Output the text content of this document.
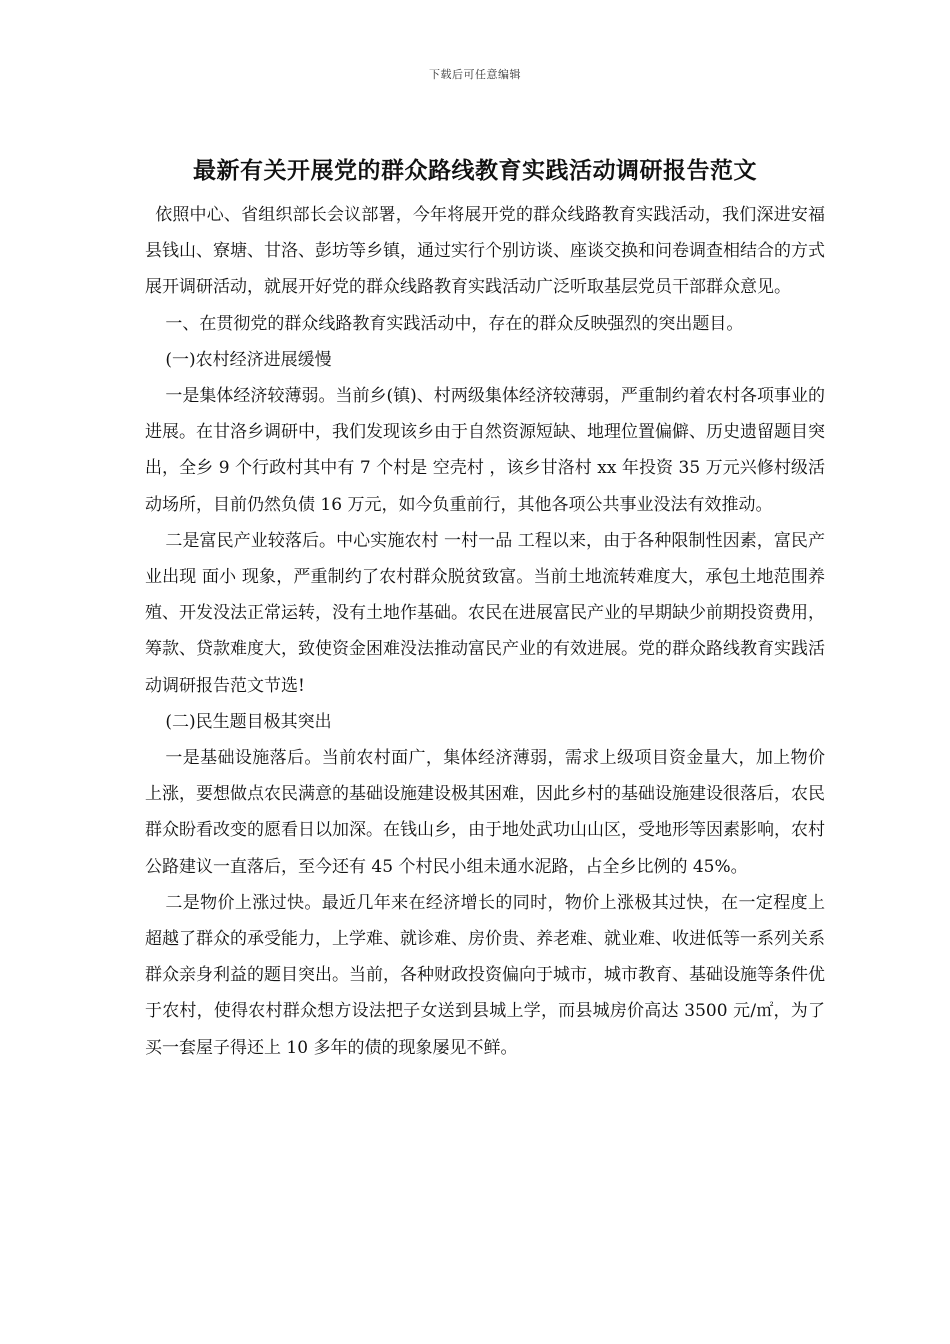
下载后可任意编辑
最新有关开展党的群众路线教育实践活动调研报告范文

依照中心、省组织部长会议部署，今年将展开党的群众线路教育实践活动，我们深进安福县钱山、寮塘、甘洛、彭坊等乡镇，通过实行个别访谈、座谈交换和问卷调查相结合的方式展开调研活动，就展开好党的群众线路教育实践活动广泛听取基层党员干部群众意见。

一、在贯彻党的群众线路教育实践活动中，存在的群众反映强烈的突出题目。

(一)农村经济进展缓慢

一是集体经济较薄弱。当前乡(镇)、村两级集体经济较薄弱，严重制约着农村各项事业的进展。在甘洛乡调研中，我们发现该乡由于自然资源短缺、地理位置偏僻、历史遗留题目突出，全乡 9 个行政村其中有 7 个村是 空壳村 ，该乡甘洛村 xx 年投资 35 万元兴修村级活动场所，目前仍然负债 16 万元，如今负重前行，其他各项公共事业没法有效推动。

二是富民产业较落后。中心实施农村 一村一品 工程以来，由于各种限制性因素，富民产业出现 面小 现象，严重制约了农村群众脱贫致富。当前土地流转难度大，承包土地范围养殖、开发没法正常运转，没有土地作基础。农民在进展富民产业的早期缺少前期投资费用，筹款、贷款难度大，致使资金困难没法推动富民产业的有效进展。党的群众路线教育实践活动调研报告范文节选!

(二)民生题目极其突出

一是基础设施落后。当前农村面广，集体经济薄弱，需求上级项目资金量大，加上物价上涨，要想做点农民满意的基础设施建设极其困难，因此乡村的基础设施建设很落后，农民群众盼看改变的愿看日以加深。在钱山乡，由于地处武功山山区，受地形等因素影响，农村公路建议一直落后，至今还有 45 个村民小组未通水泥路，占全乡比例的 45%。

二是物价上涨过快。最近几年来在经济增长的同时，物价上涨极其过快，在一定程度上超越了群众的承受能力，上学难、就诊难、房价贵、养老难、就业难、收进低等一系列关系群众亲身利益的题目突出。当前，各种财政投资偏向于城市，城市教育、基础设施等条件优于农村，使得农村群众想方设法把子女送到县城上学，而县城房价高达 3500 元/㎡，为了买一套屋子得还上 10 多年的债的现象屡见不鲜。
